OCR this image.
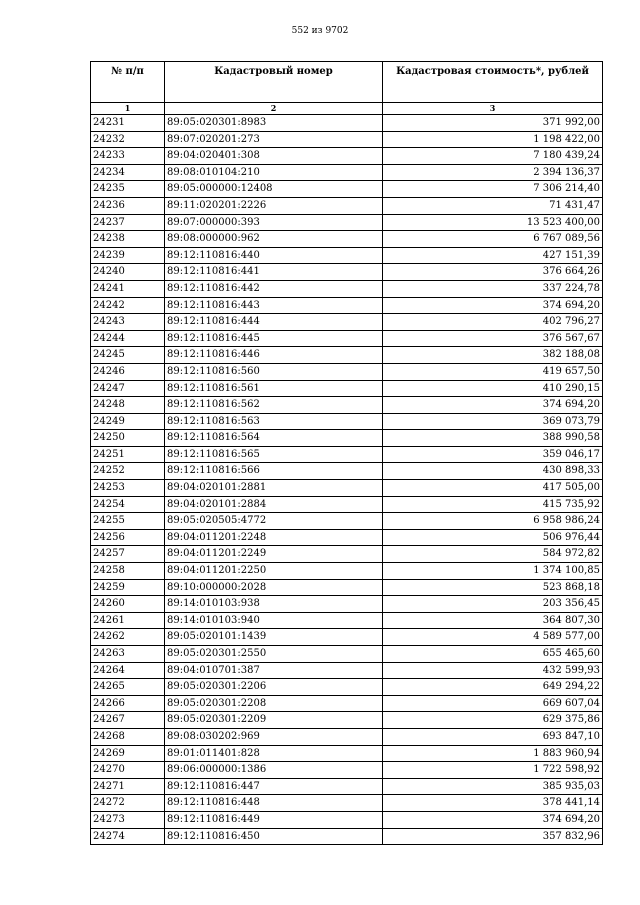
552 из 9702
№ п/п	Кадастровый номер	Кадастровая стоимость*, рублей
1	2	3
24231	89:05:020301:8983	371 992,00
24232	89:07:020201:273	1 198 422,00
24233	89:04:020401:308	7 180 439,24
24234	89:08:010104:210	2 394 136,37
24235	89:05:000000:12408	7 306 214,40
24236	89:11:020201:2226	71 431,47
24237	89:07:000000:393	13 523 400,00
24238	89:08:000000:962	6 767 089,56
24239	89:12:110816:440	427 151,39
24240	89:12:110816:441	376 664,26
24241	89:12:110816:442	337 224,78
24242	89:12:110816:443	374 694,20
24243	89:12:110816:444	402 796,27
24244	89:12:110816:445	376 567,67
24245	89:12:110816:446	382 188,08
24246	89:12:110816:560	419 657,50
24247	89:12:110816:561	410 290,15
24248	89:12:110816:562	374 694,20
24249	89:12:110816:563	369 073,79
24250	89:12:110816:564	388 990,58
24251	89:12:110816:565	359 046,17
24252	89:12:110816:566	430 898,33
24253	89:04:020101:2881	417 505,00
24254	89:04:020101:2884	415 735,92
24255	89:05:020505:4772	6 958 986,24
24256	89:04:011201:2248	506 976,44
24257	89:04:011201:2249	584 972,82
24258	89:04:011201:2250	1 374 100,85
24259	89:10:000000:2028	523 868,18
24260	89:14:010103:938	203 356,45
24261	89:14:010103:940	364 807,30
24262	89:05:020101:1439	4 589 577,00
24263	89:05:020301:2550	655 465,60
24264	89:04:010701:387	432 599,93
24265	89:05:020301:2206	649 294,22
24266	89:05:020301:2208	669 607,04
24267	89:05:020301:2209	629 375,86
24268	89:08:030202:969	693 847,10
24269	89:01:011401:828	1 883 960,94
24270	89:06:000000:1386	1 722 598,92
24271	89:12:110816:447	385 935,03
24272	89:12:110816:448	378 441,14
24273	89:12:110816:449	374 694,20
24274	89:12:110816:450	357 832,96
